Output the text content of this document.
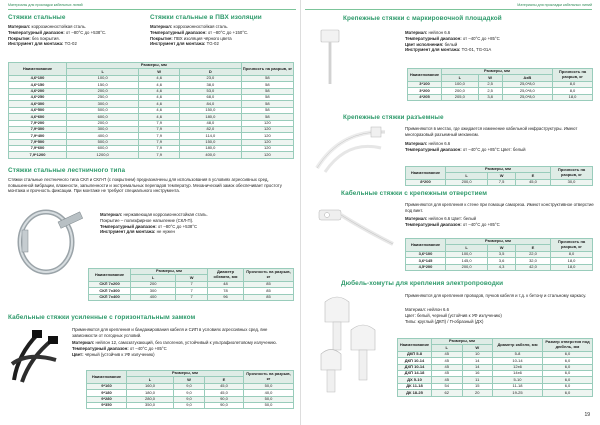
Материалы для прокладки кабельных линий
Стяжки стальные
Материал: коррозионностойкая сталь.
Температурный диапазон: от –80°С до +538°С.
Покрытие: без покрытия.
Инструмент для монтажа: TG-02
Стяжки стальные в ПВХ изоляции
Материал: коррозионностойкая сталь.
Температурный диапазон: от –80°С до +150°С.
Покрытие: ПВХ изоляция чёрного цвета
Инструмент для монтажа: TG-02
Наименование	Размеры, мм			Прочность на разрыв, кг
	L	W	D	
4,6*100	100,0	4,6	23,0	58
4,6*150	150,0	4,6	38,0	58
4,6*200	200,0	4,6	53,0	58
4,6*250	250,0	4,6	68,0	58
4,6*300	300,0	4,6	84,0	58
4,6*500	500,0	4,6	150,0	58
4,6*600	600,0	4,6	180,0	58
7,9*200	200,0	7,9	48,0	120
7,9*300	300,0	7,9	82,0	120
7,9*400	400,0	7,9	114,0	120
7,9*500	500,0	7,9	150,0	120
7,9*600	600,0	7,9	180,0	120
7,9*1200	1200,0	7,9	400,0	120
Стяжки стальные лестничного типа
Стяжки стальные лестничного типа СКЛ и СКЛ-П (с покрытием) предназначены для использования в условиях агрессивных сред, повышенной вибрации, влажности, запыленности и экстремальных перепадов температур. Механический замок обеспечивает простоту монтажа и прочность фиксации. При монтаже не требуют специального инструмента.
Материал: нержавеющая коррозионностойкая сталь.
Покрытие – полиэфирное напыление (СКЛ-П).
Температурный диапазон: от –80°С до +538°С
Инструмент для монтажа: не нужен
Наименование	Размеры, мм		Диаметр обхвата, мм	Прочность на разрыв, кг
	L	W		
СКЛ 7х200	200	7	48	85
СКЛ 7х300	300	7	78	85
СКЛ 7х400	400	7	96	85
Кабельные стяжки усиленные с горизонтальным замком
Применяются для крепления и бандажирования кабеля и СИП в условиях агрессивных сред, вне зависимости от погодных условий.
Материал: нейлон 12, самозатухающий, без галогенов, устойчивый к ультрафиолетовому излучению.
Температурный диапазон: от –40°С до +85°С
Цвет: чёрный (устойчив к УФ излучению)
Наименование	Размеры, мм			Прочность на разрыв, кг
	L	W	E	
9*160	160,0	9,0	45,0	50,0
9*180	180,0	9,0	45,0	40,0
9*280	280,0	9,0	90,0	50,0
9*350	350,0	9,0	90,0	50,0
Материалы для прокладки кабельных линий
Крепежные стяжки с маркировочной площадкой
Материал: нейлон 6.6
Температурный диапазон: от –40°С до +85°С
Цвет исполнения: белый
Инструмент для монтажа: TG-01, TG-01A
Наименование	Размеры, мм			Прочность на разрыв, кг
	L	W	AxB	
3*100	100,0	2,5	25,0*8,0	8,0
3*200	200,0	2,5	25,0*8,0	8,0
4*205	205,0	3,8	25,0*8,0	18,0
Крепежные стяжки разъемные
Применяются в местах, где ожидается изменение кабельной инфраструктуры. Имеют многоразовый разъемный механизм.
Материал: нейлон 6.6
Температурный диапазон: от –40°С до +85°С Цвет: белый
Наименование	Размеры, мм			Прочность на разрыв, кг
	L	W	E	
8*200	200,0	7,5	45,0	30,0
Кабельные стяжки с крепежным отверстием
Применяются для крепления к стене при помощи самореза. Имеют конструктивное отверстие под винт.
Материал: нейлон 6.6 Цвет: белый
Температурный диапазон: от –40°С до +85°С
Наименование	Размеры, мм			Прочность на разрыв, кг
	L	W	E	
3,6*100	100,0	3,5	22,0	8,0
3,6*145	145,0	3,6	32,0	18,0
4,5*200	200,0	4,3	42,0	18,0
Дюбель-хомуты для крепления электропроводки
Применяются для крепления проводов, пучков кабеля и т.д. к бетону и стальному каркасу.
Материал: нейлон 6.6
Цвет: белый, черный (устойчив к УФ излучению)
Типы: круглый (ДКП) / П-образный (ДХ)
Наименование	Размеры, мм		Диаметр кабеля, мм	Размер отверстия под дюбель, мм
	L	W		
ДКП 5-8	45	10	5-8	6,0
ДКП 10-14	45	14	10-14	6,0
ДХП 10-14	45	14	12x6	6,0
ДХП 14-18	45	16	14x6	6,0
ДХ 5-10	45	11	5-10	6,0
ДК 11-18	54	15	11-18	6,0
ДК 18-25	62	20	19-25	6,0
19
